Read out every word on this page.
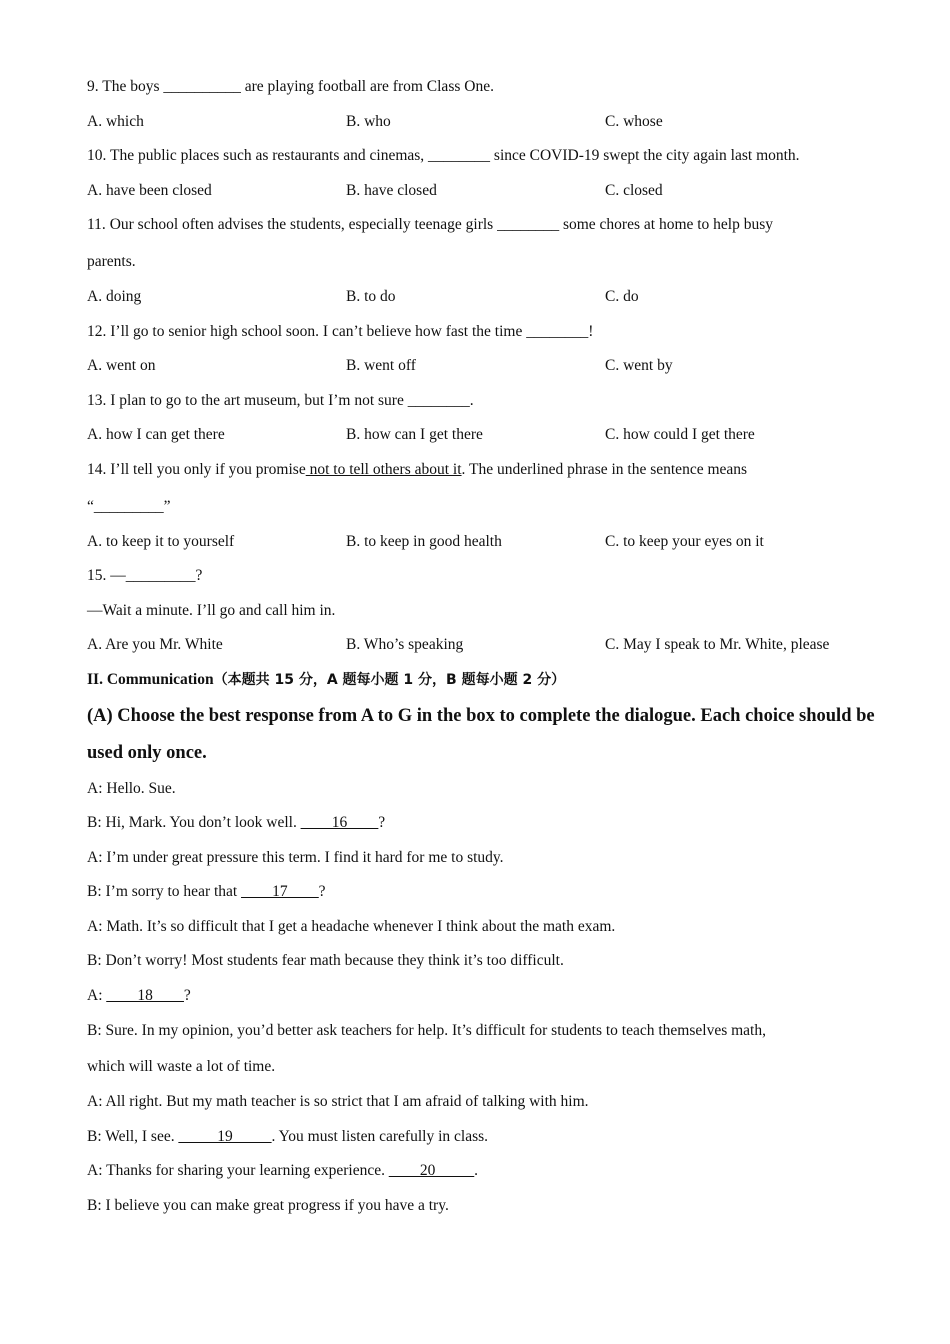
9. The boys __________ are playing football are from Class One.
A. which	B. who	C. whose
10. The public places such as restaurants and cinemas, ________ since COVID-19 swept the city again last month.
A. have been closed	B. have closed	C. closed
11. Our school often advises the students, especially teenage girls ________ some chores at home to help busy
parents.
A. doing	B. to do	C. do
12. I’ll go to senior high school soon. I can’t believe how fast the time ________!
A. went on	B. went off	C. went by
13. I plan to go to the art museum, but I’m not sure ________.
A. how I can get there	B. how can I get there	C. how could I get there
14. I’ll tell you only if you promise not to tell others about it. The underlined phrase in the sentence means
“_________”
A. to keep it to yourself	B. to keep in good health	C. to keep your eyes on it
15. —_________?
—Wait a minute. I’ll go and call him in.
A. Are you Mr. White	B. Who’s speaking	C. May I speak to Mr. White, please
II. Communication（本题共 15 分，A 题每小题 1 分，B 题每小题 2 分）
(A) Choose the best response from A to G in the box to complete the dialogue. Each choice should be used only once.
A: Hello. Sue.
B: Hi, Mark. You don’t look well. ____16____?
A: I’m under great pressure this term. I find it hard for me to study.
B: I’m sorry to hear that ____17____?
A: Math. It’s so difficult that I get a headache whenever I think about the math exam.
B: Don’t worry! Most students fear math because they think it’s too difficult.
A: ____18____?
B: Sure. In my opinion, you’d better ask teachers for help. It’s difficult for students to teach themselves math,
which will waste a lot of time.
A: All right. But my math teacher is so strict that I am afraid of talking with him.
B: Well, I see. _____19_____. You must listen carefully in class.
A: Thanks for sharing your learning experience. ____20_____.
B: I believe you can make great progress if you have a try.
